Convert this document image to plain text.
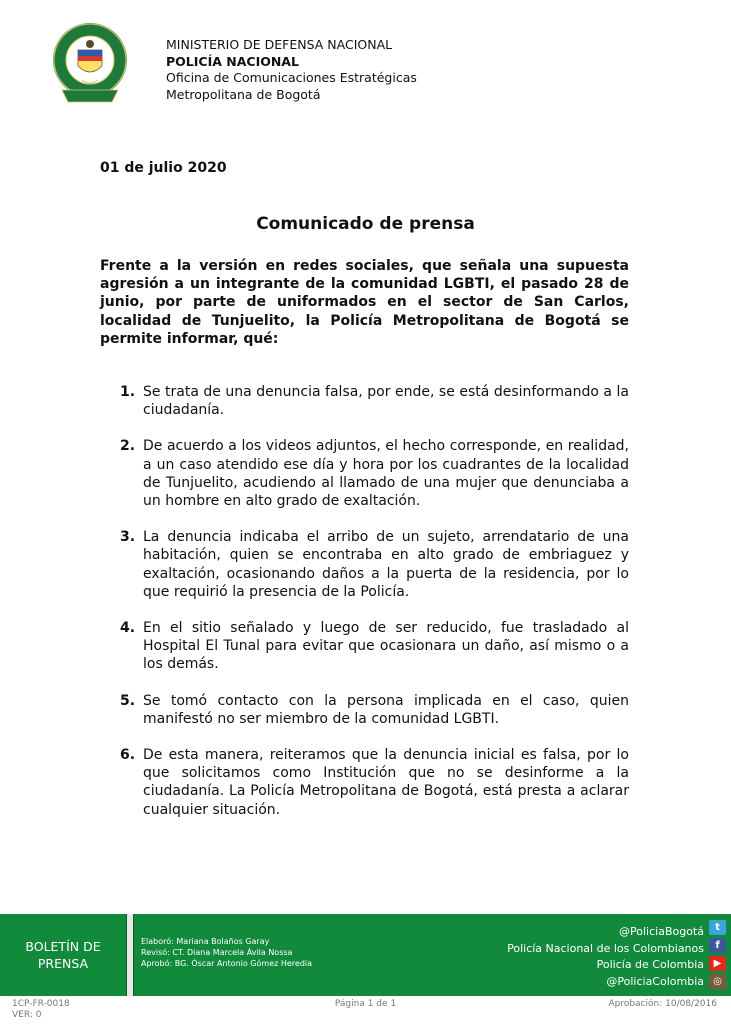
MINISTERIO DE DEFENSA NACIONAL
POLICÍA NACIONAL
Oficina de Comunicaciones Estratégicas
Metropolitana de Bogotá
01 de julio 2020
Comunicado de prensa
Frente a la versión en redes sociales, que señala una supuesta agresión a un integrante de la comunidad LGBTI, el pasado 28 de junio, por parte de uniformados en el sector de San Carlos, localidad de Tunjuelito, la Policía Metropolitana de Bogotá se permite informar, qué:
1. Se trata de una denuncia falsa, por ende, se está desinformando a la ciudadanía.
2. De acuerdo a los videos adjuntos, el hecho corresponde, en realidad, a un caso atendido ese día y hora por los cuadrantes de la localidad de Tunjuelito, acudiendo al llamado de una mujer que denunciaba a un hombre en alto grado de exaltación.
3. La denuncia indicaba el arribo de un sujeto, arrendatario de una habitación, quien se encontraba en alto grado de embriaguez y exaltación, ocasionando daños a la puerta de la residencia, por lo que requirió la presencia de la Policía.
4. En el sitio señalado y luego de ser reducido, fue trasladado al Hospital El Tunal para evitar que ocasionara un daño, así mismo o a los demás.
5. Se tomó contacto con la persona implicada en el caso, quien manifestó no ser miembro de la comunidad LGBTI.
6. De esta manera, reiteramos que la denuncia inicial es falsa, por lo que solicitamos como Institución que no se desinforme a la ciudadanía. La Policía Metropolitana de Bogotá, está presta a aclarar cualquier situación.
BOLETÍN DE
PRENSA
Elaboró: Mariana Bolaños Garay
Revisó: CT. Diana Marcela Ávila Nossa
Aprobó: BG. Óscar Antonio Gómez Heredia
@PoliciaBogotá
Policía Nacional de los Colombianos
Policía de Colombia
@PoliciaColombia
t
f
▶
◎
1CP-FR-0018
VER: 0
Página 1 de 1	Aprobación: 10/08/2016
